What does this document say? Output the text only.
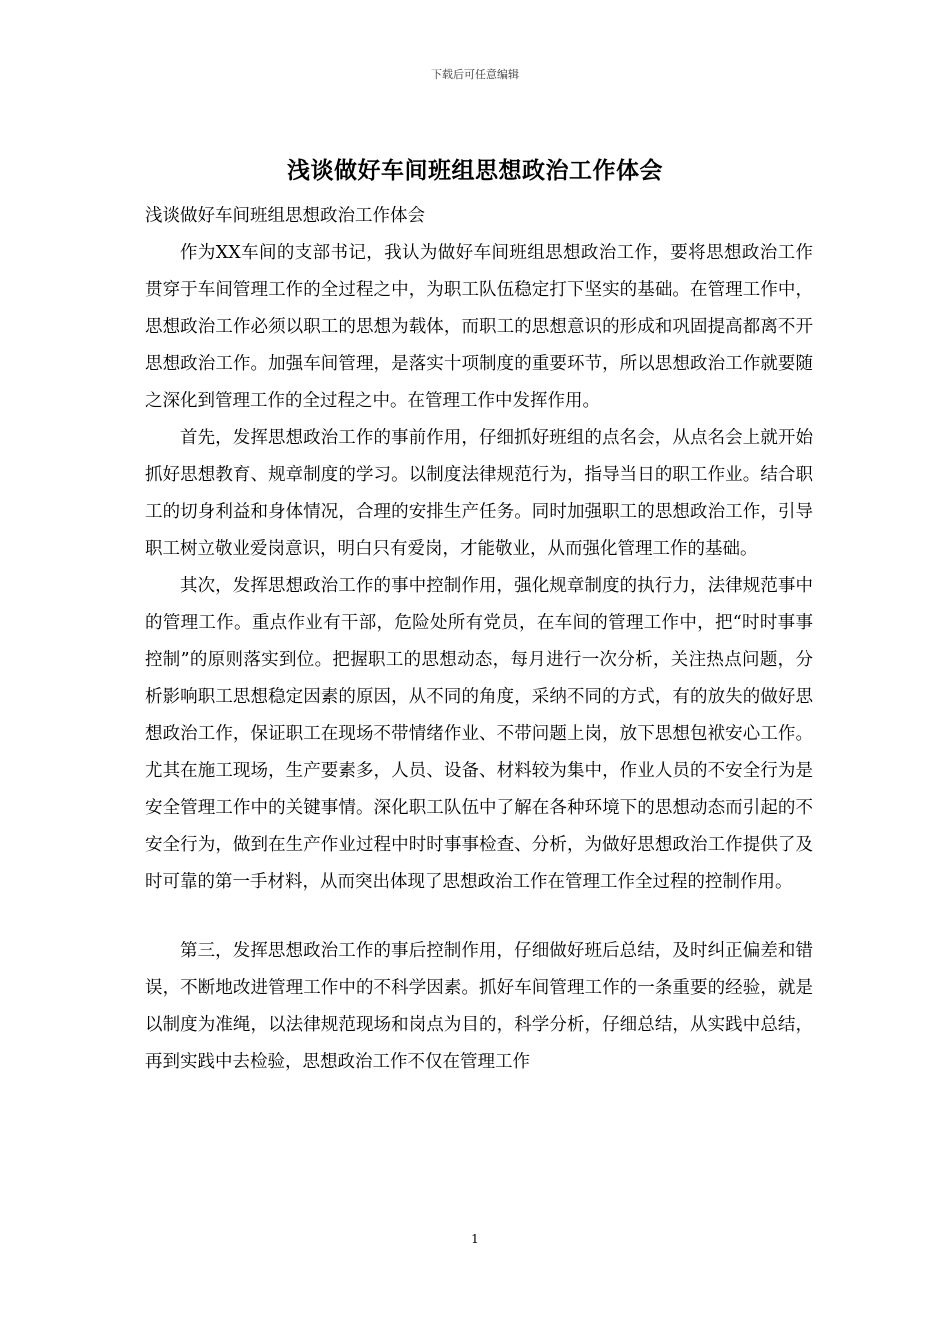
下载后可任意编辑
浅谈做好车间班组思想政治工作体会

浅谈做好车间班组思想政治工作体会

作为XX车间的支部书记，我认为做好车间班组思想政治工作，要将思想政治工作贯穿于车间管理工作的全过程之中，为职工队伍稳定打下坚实的基础。在管理工作中，思想政治工作必须以职工的思想为载体，而职工的思想意识的形成和巩固提高都离不开思想政治工作。加强车间管理，是落实十项制度的重要环节，所以思想政治工作就要随之深化到管理工作的全过程之中。在管理工作中发挥作用。

首先，发挥思想政治工作的事前作用，仔细抓好班组的点名会，从点名会上就开始抓好思想教育、规章制度的学习。以制度法律规范行为，指导当日的职工作业。结合职工的切身利益和身体情况，合理的安排生产任务。同时加强职工的思想政治工作，引导职工树立敬业爱岗意识，明白只有爱岗，才能敬业，从而强化管理工作的基础。

其次，发挥思想政治工作的事中控制作用，强化规章制度的执行力，法律规范事中的管理工作。重点作业有干部，危险处所有党员，在车间的管理工作中，把“时时事事控制”的原则落实到位。把握职工的思想动态，每月进行一次分析，关注热点问题，分析影响职工思想稳定因素的原因，从不同的角度，采纳不同的方式，有的放失的做好思想政治工作，保证职工在现场不带情绪作业、不带问题上岗，放下思想包袱安心工作。尤其在施工现场，生产要素多，人员、设备、材料较为集中，作业人员的不安全行为是安全管理工作中的关键事情。深化职工队伍中了解在各种环境下的思想动态而引起的不安全行为，做到在生产作业过程中时时事事检查、分析，为做好思想政治工作提供了及时可靠的第一手材料，从而突出体现了思想政治工作在管理工作全过程的控制作用。

第三，发挥思想政治工作的事后控制作用，仔细做好班后总结，及时纠正偏差和错误，不断地改进管理工作中的不科学因素。抓好车间管理工作的一条重要的经验，就是以制度为准绳，以法律规范现场和岗点为目的，科学分析，仔细总结，从实践中总结，再到实践中去检验，思想政治工作不仅在管理工作

1
